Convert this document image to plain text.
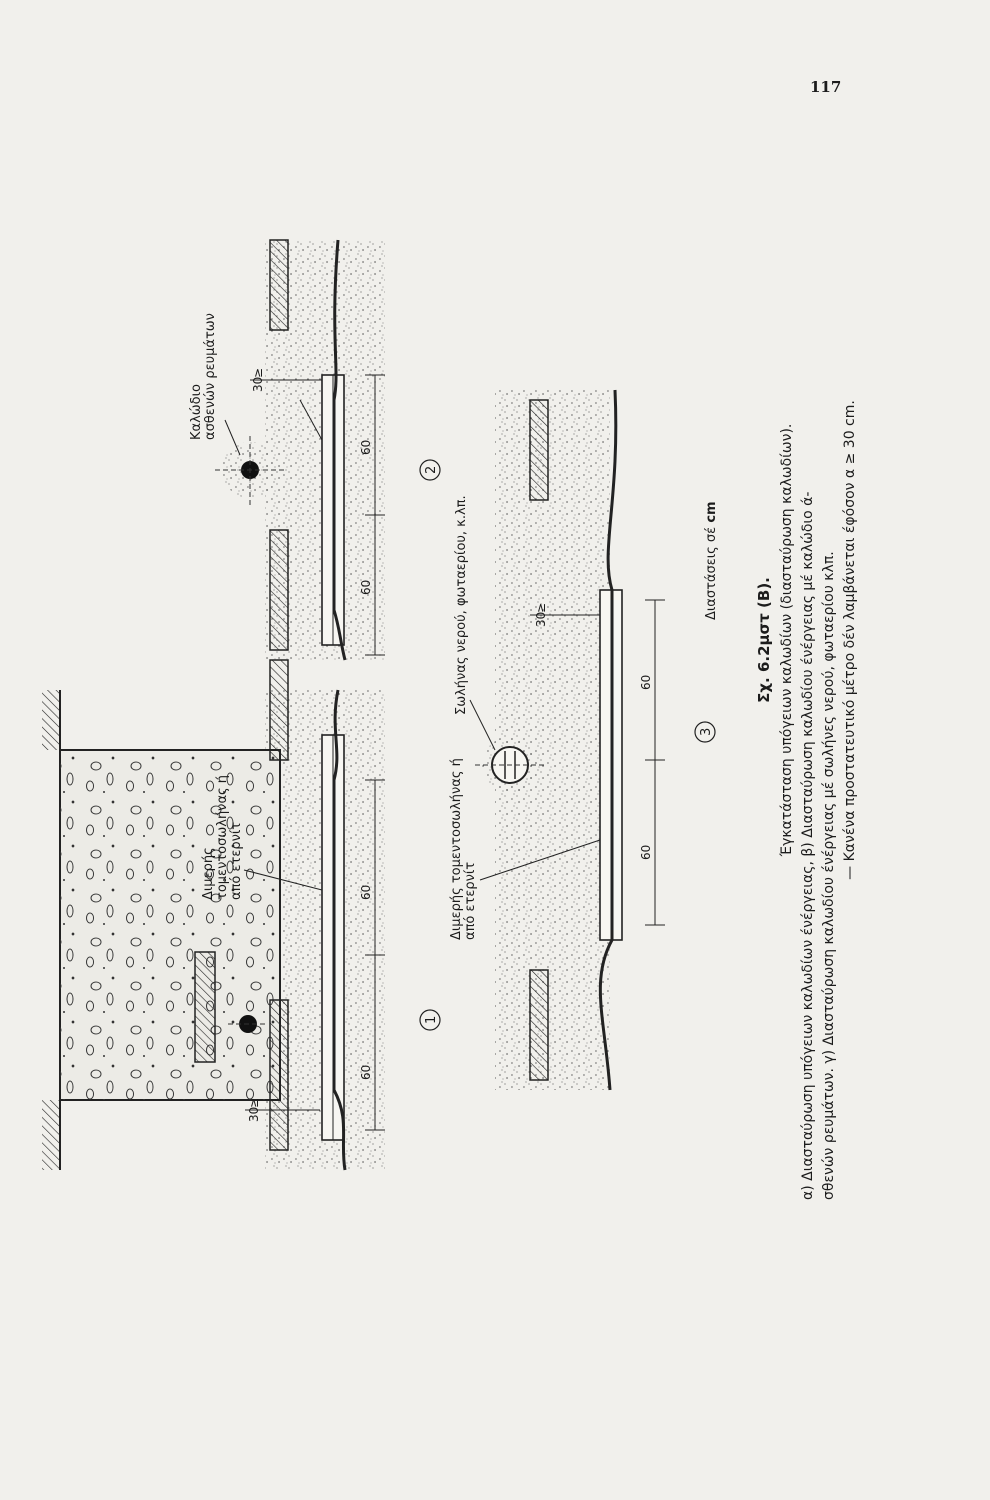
117
60
60
30
≥
1
Διμερής τομεντοσωλήνας ή από ετερνίτ
Καλώδιο ασθενών ρευμάτων
60
60
30
≥
2
60
60
30
≥
3
Διμερής τομεντοσωλήνας ή από ετερνίτ
Σωλήνας νερού, φωταερίου, κ.λπ.	Διαστάσεις σέ cm

Σχ. 6.2μστ (Β). Έγκατάσταση υπόγειων καλωδίων (διασταύρωση καλωδίων). α) Διασταύρωση υπόγειων καλωδίων ένέργειας, β) Διασταύρωση καλωδίου ένέργειας μέ καλώδιο ά- σθενών ρευμάτων. γ) Διασταύρωση καλωδίου ένέργειας μέ σωλήνες νερού, φωταερίου κλπ. — Κανένα προστατευτικό μέτρο δέν λαμβάνεται έφόσον α ≥ 30 cm.
